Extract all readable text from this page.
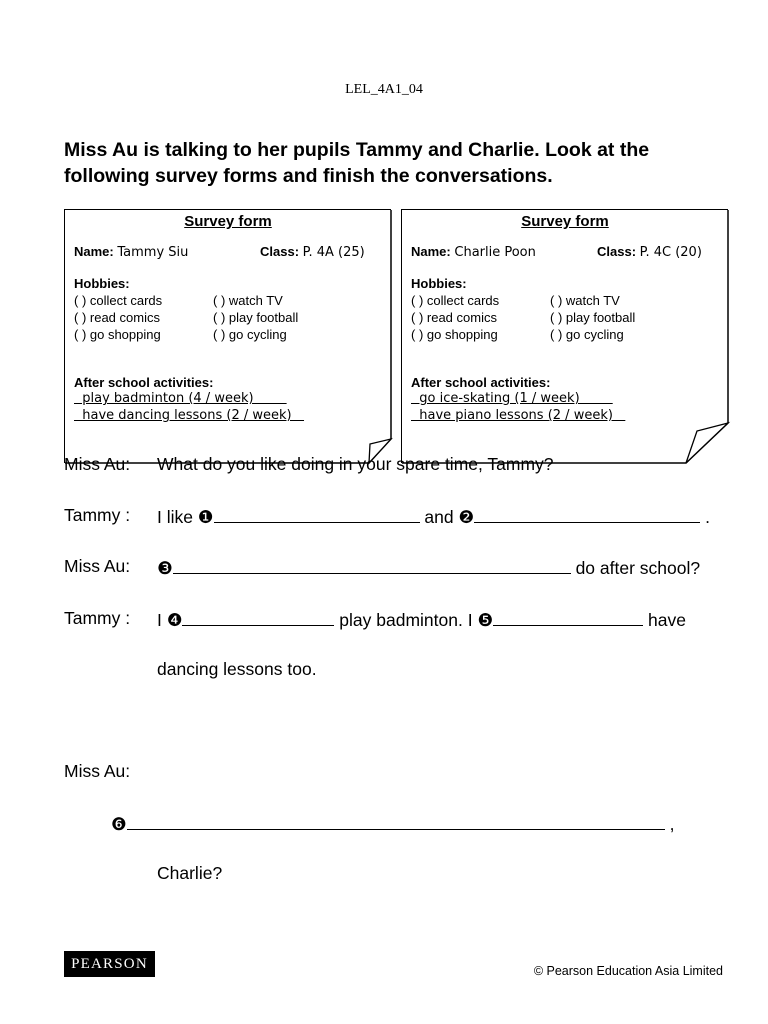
LEL_4A1_04
Miss Au is talking to her pupils Tammy and Charlie. Look at the following survey forms and finish the conversations.
Survey form
Name: Tammy Siu	Class: P. 4A (25)
Hobbies:
( ) collect cards	( ) watch TV
( ) read comics	( ) play football
( ) go shopping	( ) go cycling
After school activities:
play badminton (4 / week)
have dancing lessons (2 / week)
Survey form
Name: Charlie Poon	Class: P. 4C (20)
Hobbies:
( ) collect cards	( ) watch TV
( ) read comics	( ) play football
( ) go shopping	( ) go cycling
After school activities:
go ice-skating (1 / week)
have piano lessons (2 / week)
Miss Au: What do you like doing in your spare time, Tammy?
Tammy : I like ❶	and ❷	.
Miss Au: ❸	do after school?
Tammy : I ❹	play badminton. I ❺	have
dancing lessons too.
Miss Au:
❻	,
Charlie?
PEARSON	© Pearson Education Asia Limited
